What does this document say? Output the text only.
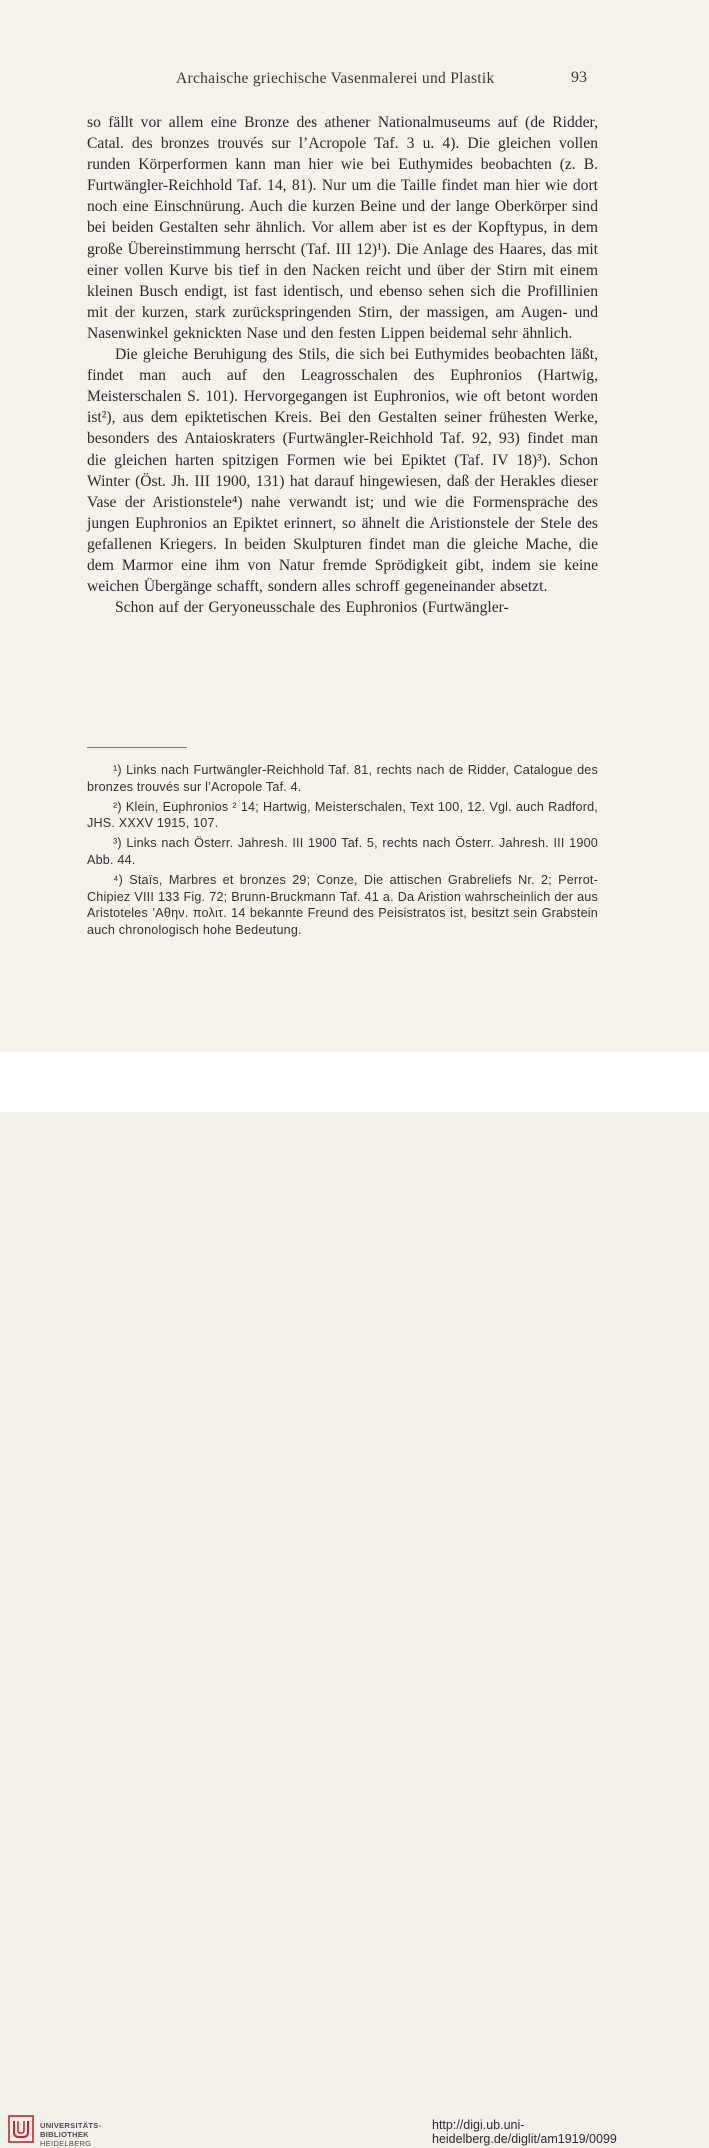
Archaische griechische Vasenmalerei und Plastik	93

so fällt vor allem eine Bronze des athener Nationalmuseums auf (de Ridder, Catal. des bronzes trouvés sur l’Acropole Taf. 3 u. 4). Die gleichen vollen runden Körperformen kann man hier wie bei Euthymides beobachten (z. B. Furtwängler-Reichhold Taf. 14, 81). Nur um die Taille findet man hier wie dort noch eine Einschnürung. Auch die kurzen Beine und der lange Oberkörper sind bei beiden Gestalten sehr ähnlich. Vor allem aber ist es der Kopftypus, in dem große Übereinstimmung herrscht (Taf. III 12)¹). Die Anlage des Haares, das mit einer vollen Kurve bis tief in den Nacken reicht und über der Stirn mit einem kleinen Busch endigt, ist fast identisch, und ebenso sehen sich die Profillinien mit der kurzen, stark zurückspringenden Stirn, der massigen, am Augen- und Nasenwinkel geknickten Nase und den festen Lippen beidemal sehr ähnlich.

Die gleiche Beruhigung des Stils, die sich bei Euthymides beobachten läßt, findet man auch auf den Leagrosschalen des Euphronios (Hartwig, Meisterschalen S. 101). Hervorgegangen ist Euphronios, wie oft betont worden ist²), aus dem epiktetischen Kreis. Bei den Gestalten seiner frühesten Werke, besonders des Antaioskraters (Furtwängler-Reichhold Taf. 92, 93) findet man die gleichen harten spitzigen Formen wie bei Epiktet (Taf. IV 18)³). Schon Winter (Öst. Jh. III 1900, 131) hat darauf hingewiesen, daß der Herakles dieser Vase der Aristionstele⁴) nahe verwandt ist; und wie die Formensprache des jungen Euphronios an Epiktet erinnert, so ähnelt die Aristionstele der Stele des gefallenen Kriegers. In beiden Skulpturen findet man die gleiche Mache, die dem Marmor eine ihm von Natur fremde Sprödigkeit gibt, indem sie keine weichen Übergänge schafft, sondern alles schroff gegeneinander absetzt.

Schon auf der Geryoneusschale des Euphronios (Furtwängler-

¹) Links nach Furtwängler-Reichhold Taf. 81, rechts nach de Ridder, Catalogue des bronzes trouvés sur l’Acropole Taf. 4.

²) Klein, Euphronios ² 14; Hartwig, Meisterschalen, Text 100, 12. Vgl. auch Radford, JHS. XXXV 1915, 107.

³) Links nach Österr. Jahresh. III 1900 Taf. 5, rechts nach Österr. Jahresh. III 1900 Abb. 44.

⁴) Staïs, Marbres et bronzes 29; Conze, Die attischen Grabreliefs Nr. 2; Perrot-Chipiez VIII 133 Fig. 72; Brunn-Bruckmann Taf. 41 a. Da Aristion wahrscheinlich der aus Aristoteles ’Αθην. πολιτ. 14 bekannte Freund des Peisistratos ist, besitzt sein Grabstein auch chronologisch hohe Bedeutung.

UNIVERSITÄTS-
BIBLIOTHEK
HEIDELBERG
http://digi.ub.uni-heidelberg.de/diglit/am1919/0099
